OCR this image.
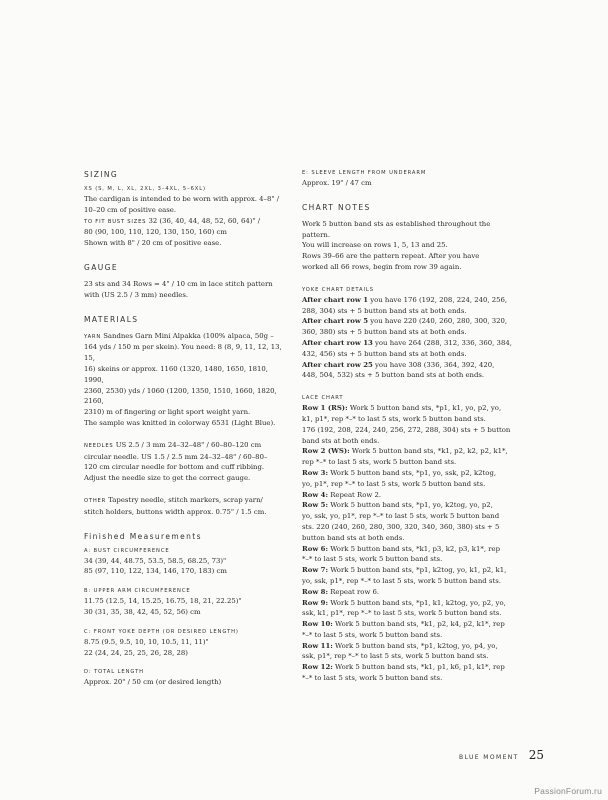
SIZING
XS (S, M, L, XL, 2XL, 3–4XL, 5–6XL)

The cardigan is intended to be worn with approx. 4–8" /
10–20 cm of positive ease.
TO FIT BUST SIZES 32 (36, 40, 44, 48, 52, 60, 64)" /
80 (90, 100, 110, 120, 130, 150, 160) cm
Shown with 8" / 20 cm of positive ease.

GAUGE

23 sts and 34 Rows = 4" / 10 cm in lace stitch pattern
with (US 2.5 / 3 mm) needles.

MATERIALS

YARN Sandnes Garn Mini Alpakka (100% alpaca, 50g –
164 yds / 150 m per skein). You need: 8 (8, 9, 11, 12, 13, 15,
16) skeins or approx. 1160 (1320, 1480, 1650, 1810, 1990,
2360, 2530) yds / 1060 (1200, 1350, 1510, 1660, 1820, 2160,
2310) m of fingering or light sport weight yarn.
The sample was knitted in colorway 6531 (Light Blue).

NEEDLES US 2.5 / 3 mm 24–32–48" / 60–80–120 cm
circular needle. US 1.5 / 2.5 mm 24–32–48" / 60–80–
120 cm circular needle for bottom and cuff ribbing.
Adjust the needle size to get the correct gauge.

OTHER Tapestry needle, stitch markers, scrap yarn/
stitch holders, buttons width approx. 0.75" / 1.5 cm.

Finished Measurements
A: BUST CIRCUMFERENCE

34 (39, 44, 48.75, 53.5, 58.5, 68.25, 73)"
85 (97, 110, 122, 134, 146, 170, 183) cm

B: UPPER ARM CIRCUMFERENCE

11.75 (12.5, 14, 15.25, 16.75, 18, 21, 22.25)"
30 (31, 35, 38, 42, 45, 52, 56) cm

C: FRONT YOKE DEPTH (OR DESIRED LENGTH)

8.75 (9.5, 9.5, 10, 10, 10.5, 11, 11)"
22 (24, 24, 25, 25, 26, 28, 28)

D: TOTAL LENGTH

Approx. 20" / 50 cm (or desired length)

E: SLEEVE LENGTH FROM UNDERARM

Approx. 19" / 47 cm

CHART NOTES

Work 5 button band sts as established throughout the
pattern.
You will increase on rows 1, 5, 13 and 25.
Rows 39–66 are the pattern repeat. After you have
worked all 66 rows, begin from row 39 again.

YOKE CHART DETAILS

After chart row 1 you have 176 (192, 208, 224, 240, 256,
288, 304) sts + 5 button band sts at both ends.
After chart row 5 you have 220 (240, 260, 280, 300, 320,
360, 380) sts + 5 button band sts at both ends.
After chart row 13 you have 264 (288, 312, 336, 360, 384,
432, 456) sts + 5 button band sts at both ends.
After chart row 25 you have 308 (336, 364, 392, 420,
448, 504, 532) sts + 5 button band sts at both ends.

LACE CHART

Row 1 (RS): Work 5 button band sts, *p1, k1, yo, p2, yo,
k1, p1*, rep *–* to last 5 sts, work 5 button band sts.
176 (192, 208, 224, 240, 256, 272, 288, 304) sts + 5 button
band sts at both ends.
Row 2 (WS): Work 5 button band sts, *k1, p2, k2, p2, k1*,
rep *–* to last 5 sts, work 5 button band sts.
Row 3: Work 5 button band sts, *p1, yo, ssk, p2, k2tog,
yo, p1*, rep *–* to last 5 sts, work 5 button band sts.
Row 4: Repeat Row 2.
Row 5: Work 5 button band sts, *p1, yo, k2tog, yo, p2,
yo, ssk, yo, p1*, rep *–* to last 5 sts, work 5 button band
sts. 220 (240, 260, 280, 300, 320, 340, 360, 380) sts + 5
button band sts at both ends.
Row 6: Work 5 button band sts, *k1, p3, k2, p3, k1*, rep
*–* to last 5 sts, work 5 button band sts.
Row 7: Work 5 button band sts, *p1, k2tog, yo, k1, p2, k1,
yo, ssk, p1*, rep *–* to last 5 sts, work 5 button band sts.
Row 8: Repeat row 6.
Row 9: Work 5 button band sts, *p1, k1, k2tog, yo, p2, yo,
ssk, k1, p1*, rep *–* to last 5 sts, work 5 button band sts.
Row 10: Work 5 button band sts, *k1, p2, k4, p2, k1*, rep
*–* to last 5 sts, work 5 button band sts.
Row 11: Work 5 button band sts, *p1, k2tog, yo, p4, yo,
ssk, p1*, rep *–* to last 5 sts, work 5 button band sts.
Row 12: Work 5 button band sts, *k1, p1, k6, p1, k1*, rep
*–* to last 5 sts, work 5 button band sts.

BLUE MOMENT 25
PassionForum.ru
